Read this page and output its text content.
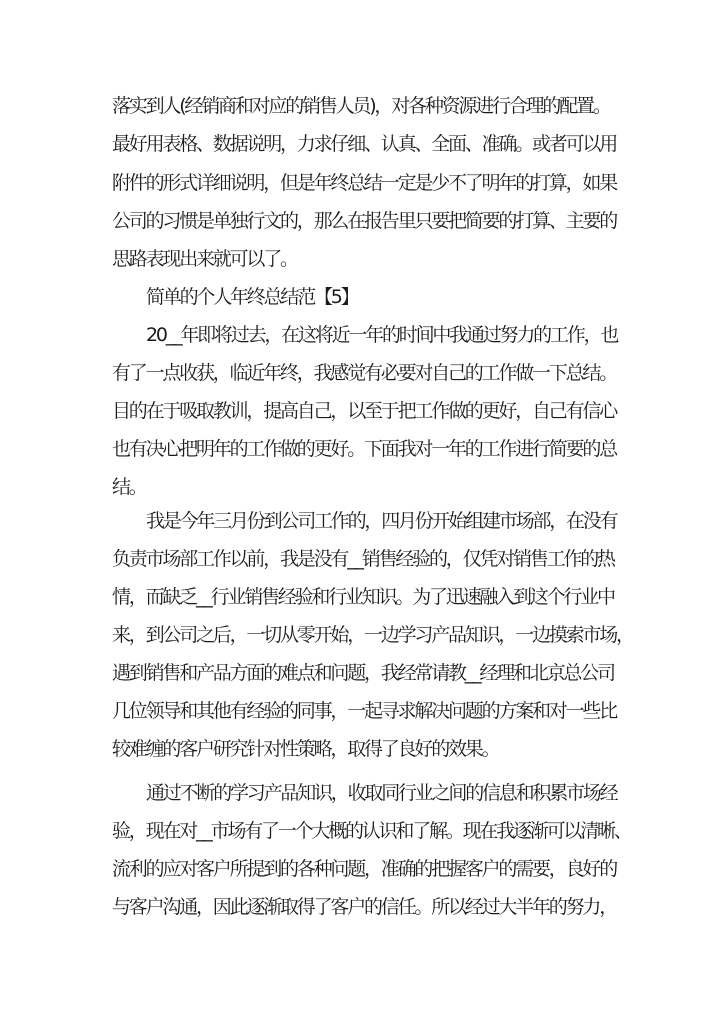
落实到人(经销商和对应的销售人员)，对各种资源进行合理的配置。
最好用表格、数据说明，力求仔细、认真、全面、准确。或者可以用
附件的形式详细说明，但是年终总结一定是少不了明年的打算，如果
公司的习惯是单独行文的，那么在报告里只要把简要的打算、主要的
思路表现出来就可以了。
简单的个人年终总结范【5】
20__年即将过去，在这将近一年的时间中我通过努力的工作，也
有了一点收获，临近年终，我感觉有必要对自己的工作做一下总结。
目的在于吸取教训，提高自己，以至于把工作做的更好，自己有信心
也有决心把明年的工作做的更好。下面我对一年的工作进行简要的总
结。
我是今年三月份到公司工作的，四月份开始组建市场部，在没有
负责市场部工作以前，我是没有__销售经验的，仅凭对销售工作的热
情，而缺乏__行业销售经验和行业知识。为了迅速融入到这个行业中
来，到公司之后，一切从零开始，一边学习产品知识，一边摸索市场，
遇到销售和产品方面的难点和问题，我经常请教__经理和北京总公司
几位领导和其他有经验的同事，一起寻求解决问题的方案和对一些比
较难缠的客户研究针对性策略，取得了良好的效果。
通过不断的学习产品知识，收取同行业之间的信息和积累市场经
验，现在对__市场有了一个大概的认识和了解。现在我逐渐可以清晰、
流利的应对客户所提到的各种问题，准确的把握客户的需要，良好的
与客户沟通，因此逐渐取得了客户的信任。所以经过大半年的努力，
